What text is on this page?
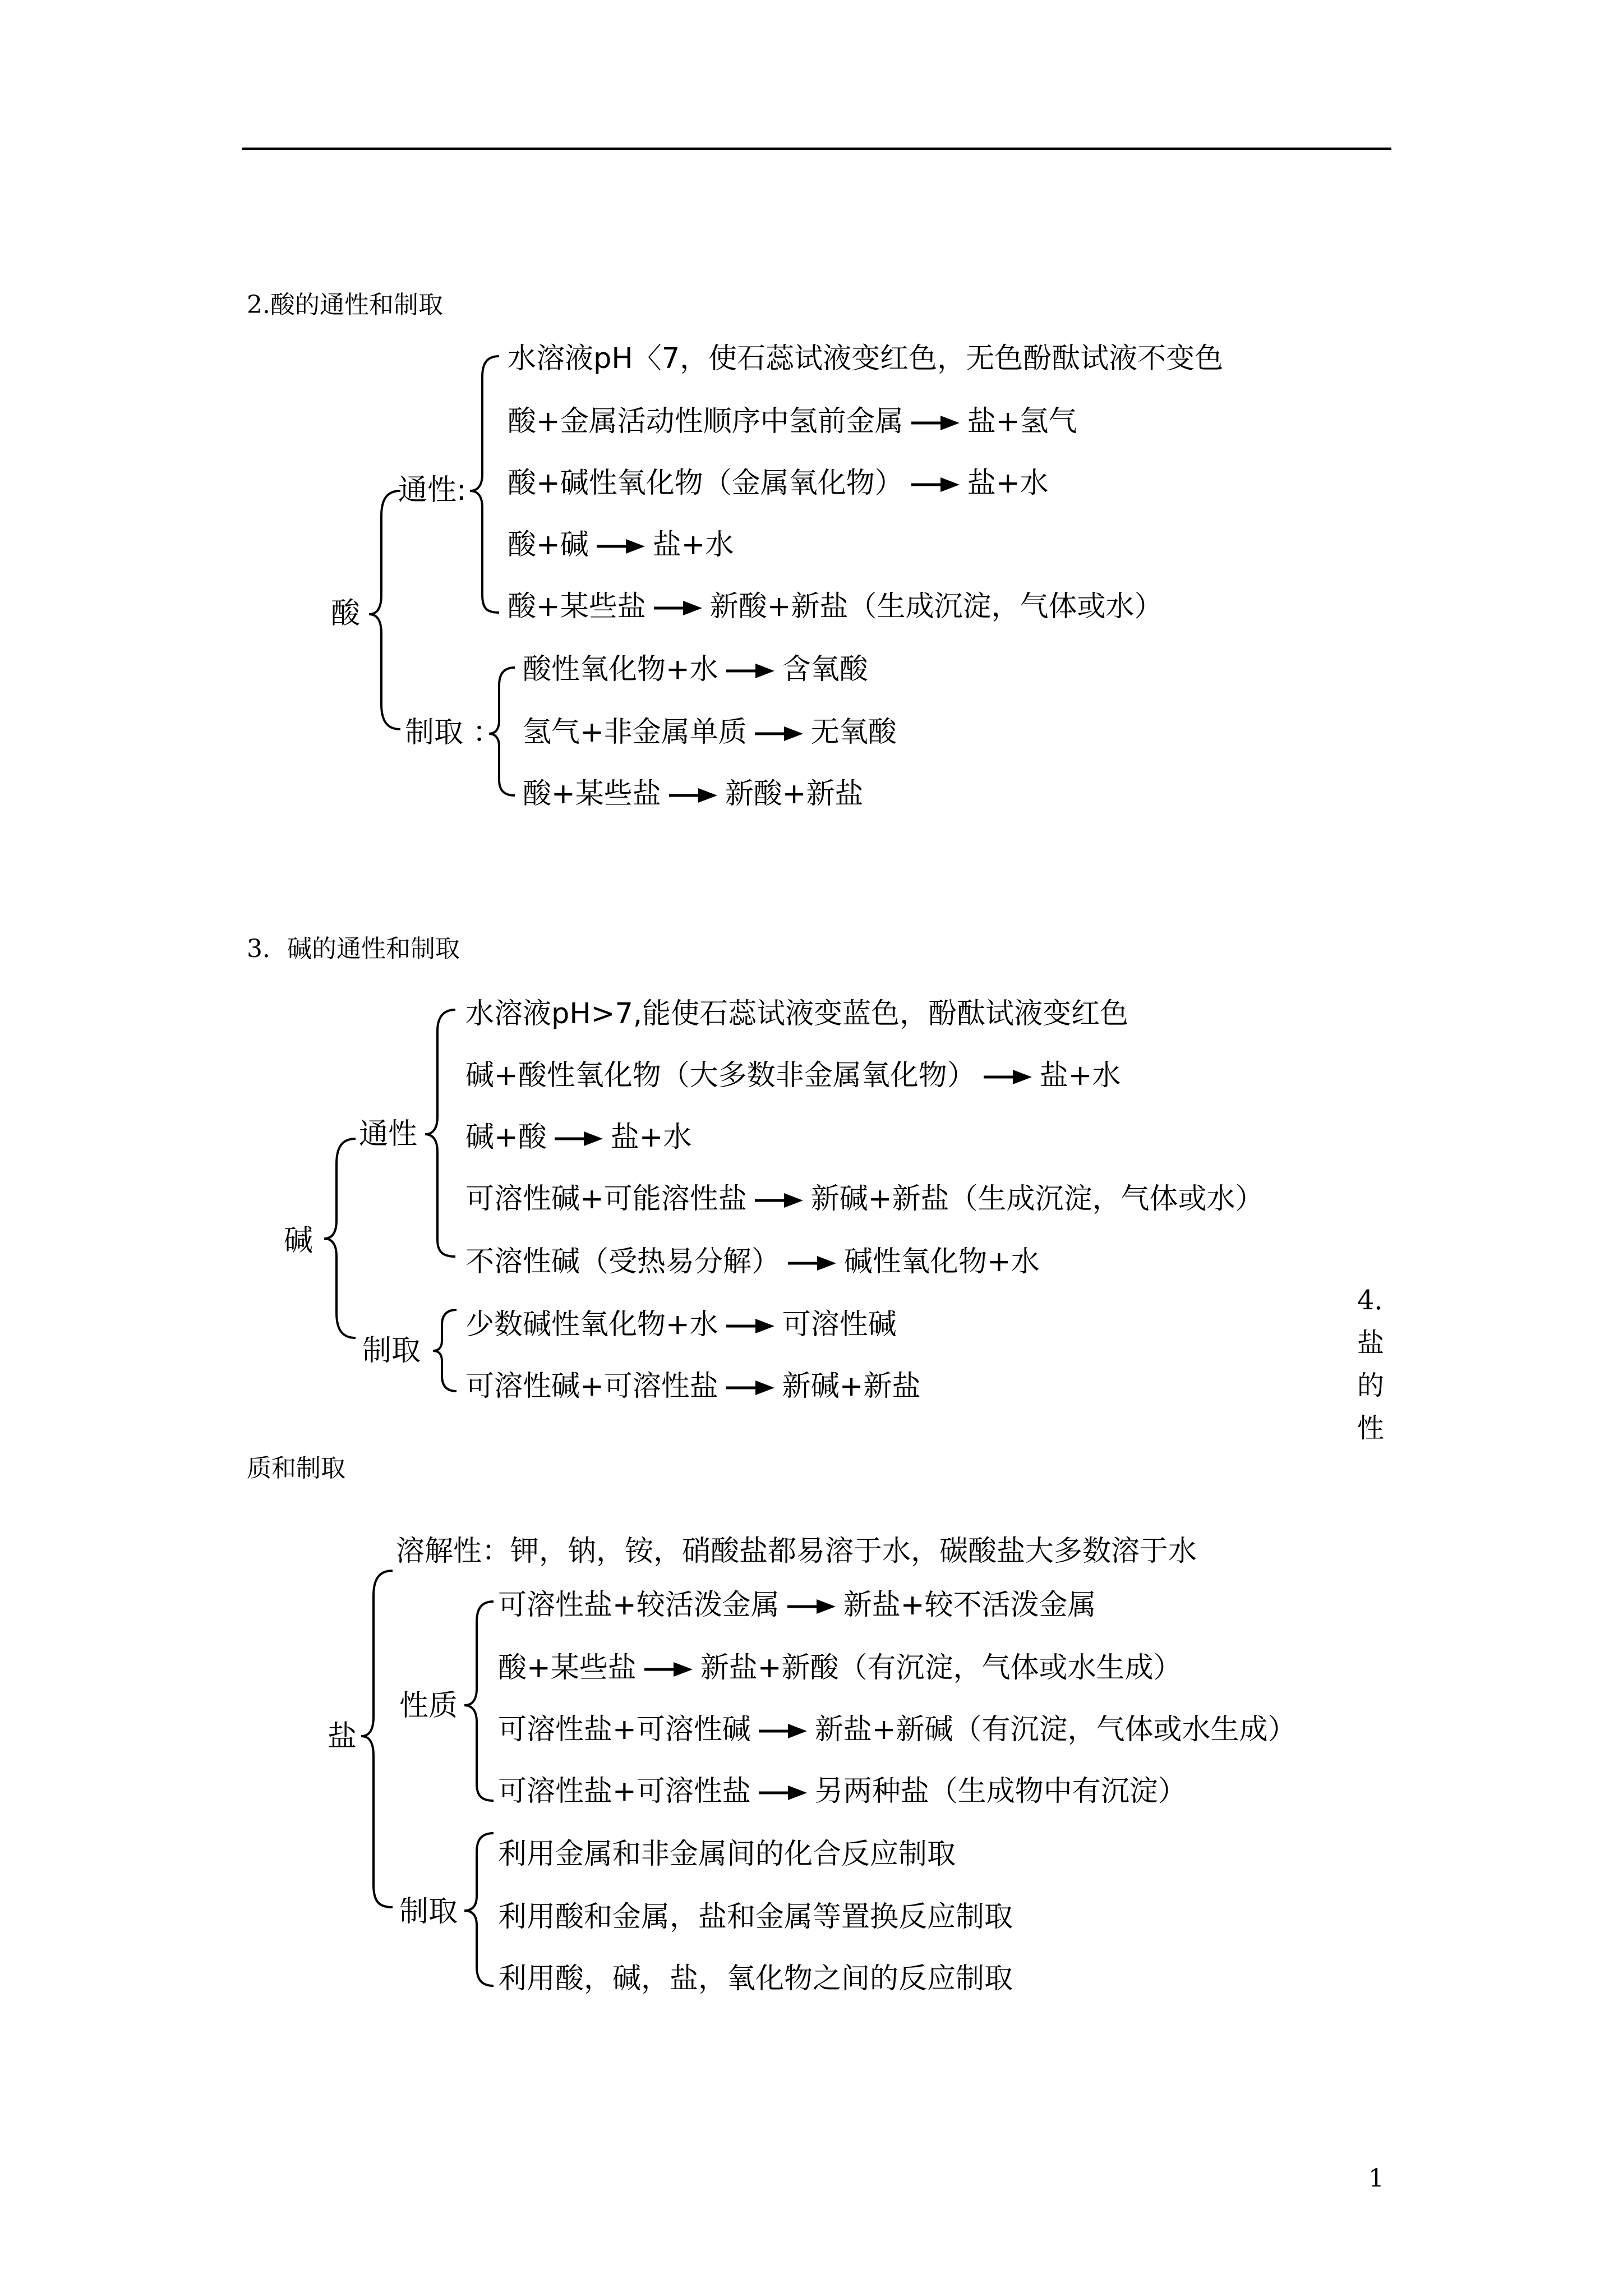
2.酸的通性和制取
酸
通性:
制取 ：
水溶液pH〈7，使石蕊试液变红色，无色酚酞试液不变色
酸+金属活动性顺序中氢前金属 盐+氢气
酸+碱性氧化物（金属氧化物） 盐+水
酸+碱 盐+水
酸+某些盐 新酸+新盐（生成沉淀，气体或水）
酸性氧化物+水 含氧酸
氢气+非金属单质 无氧酸
酸+某些盐 新酸+新盐
3．碱的通性和制取
碱
通性
制取
水溶液pH>7,能使石蕊试液变蓝色，酚酞试液变红色
碱+酸性氧化物（大多数非金属氧化物） 盐+水
碱+酸 盐+水
可溶性碱+可能溶性盐 新碱+新盐（生成沉淀，气体或水）
不溶性碱（受热易分解） 碱性氧化物+水
少数碱性氧化物+水 可溶性碱
可溶性碱+可溶性盐 新碱+新盐
4．
盐
的
性
质和制取
盐
性质
制取
溶解性：钾，钠，铵，硝酸盐都易溶于水，碳酸盐大多数溶于水
可溶性盐+较活泼金属 新盐+较不活泼金属
酸+某些盐 新盐+新酸（有沉淀，气体或水生成）
可溶性盐+可溶性碱 新盐+新碱（有沉淀，气体或水生成）
可溶性盐+可溶性盐 另两种盐（生成物中有沉淀）
利用金属和非金属间的化合反应制取
利用酸和金属，盐和金属等置换反应制取
利用酸，碱，盐，氧化物之间的反应制取
1
